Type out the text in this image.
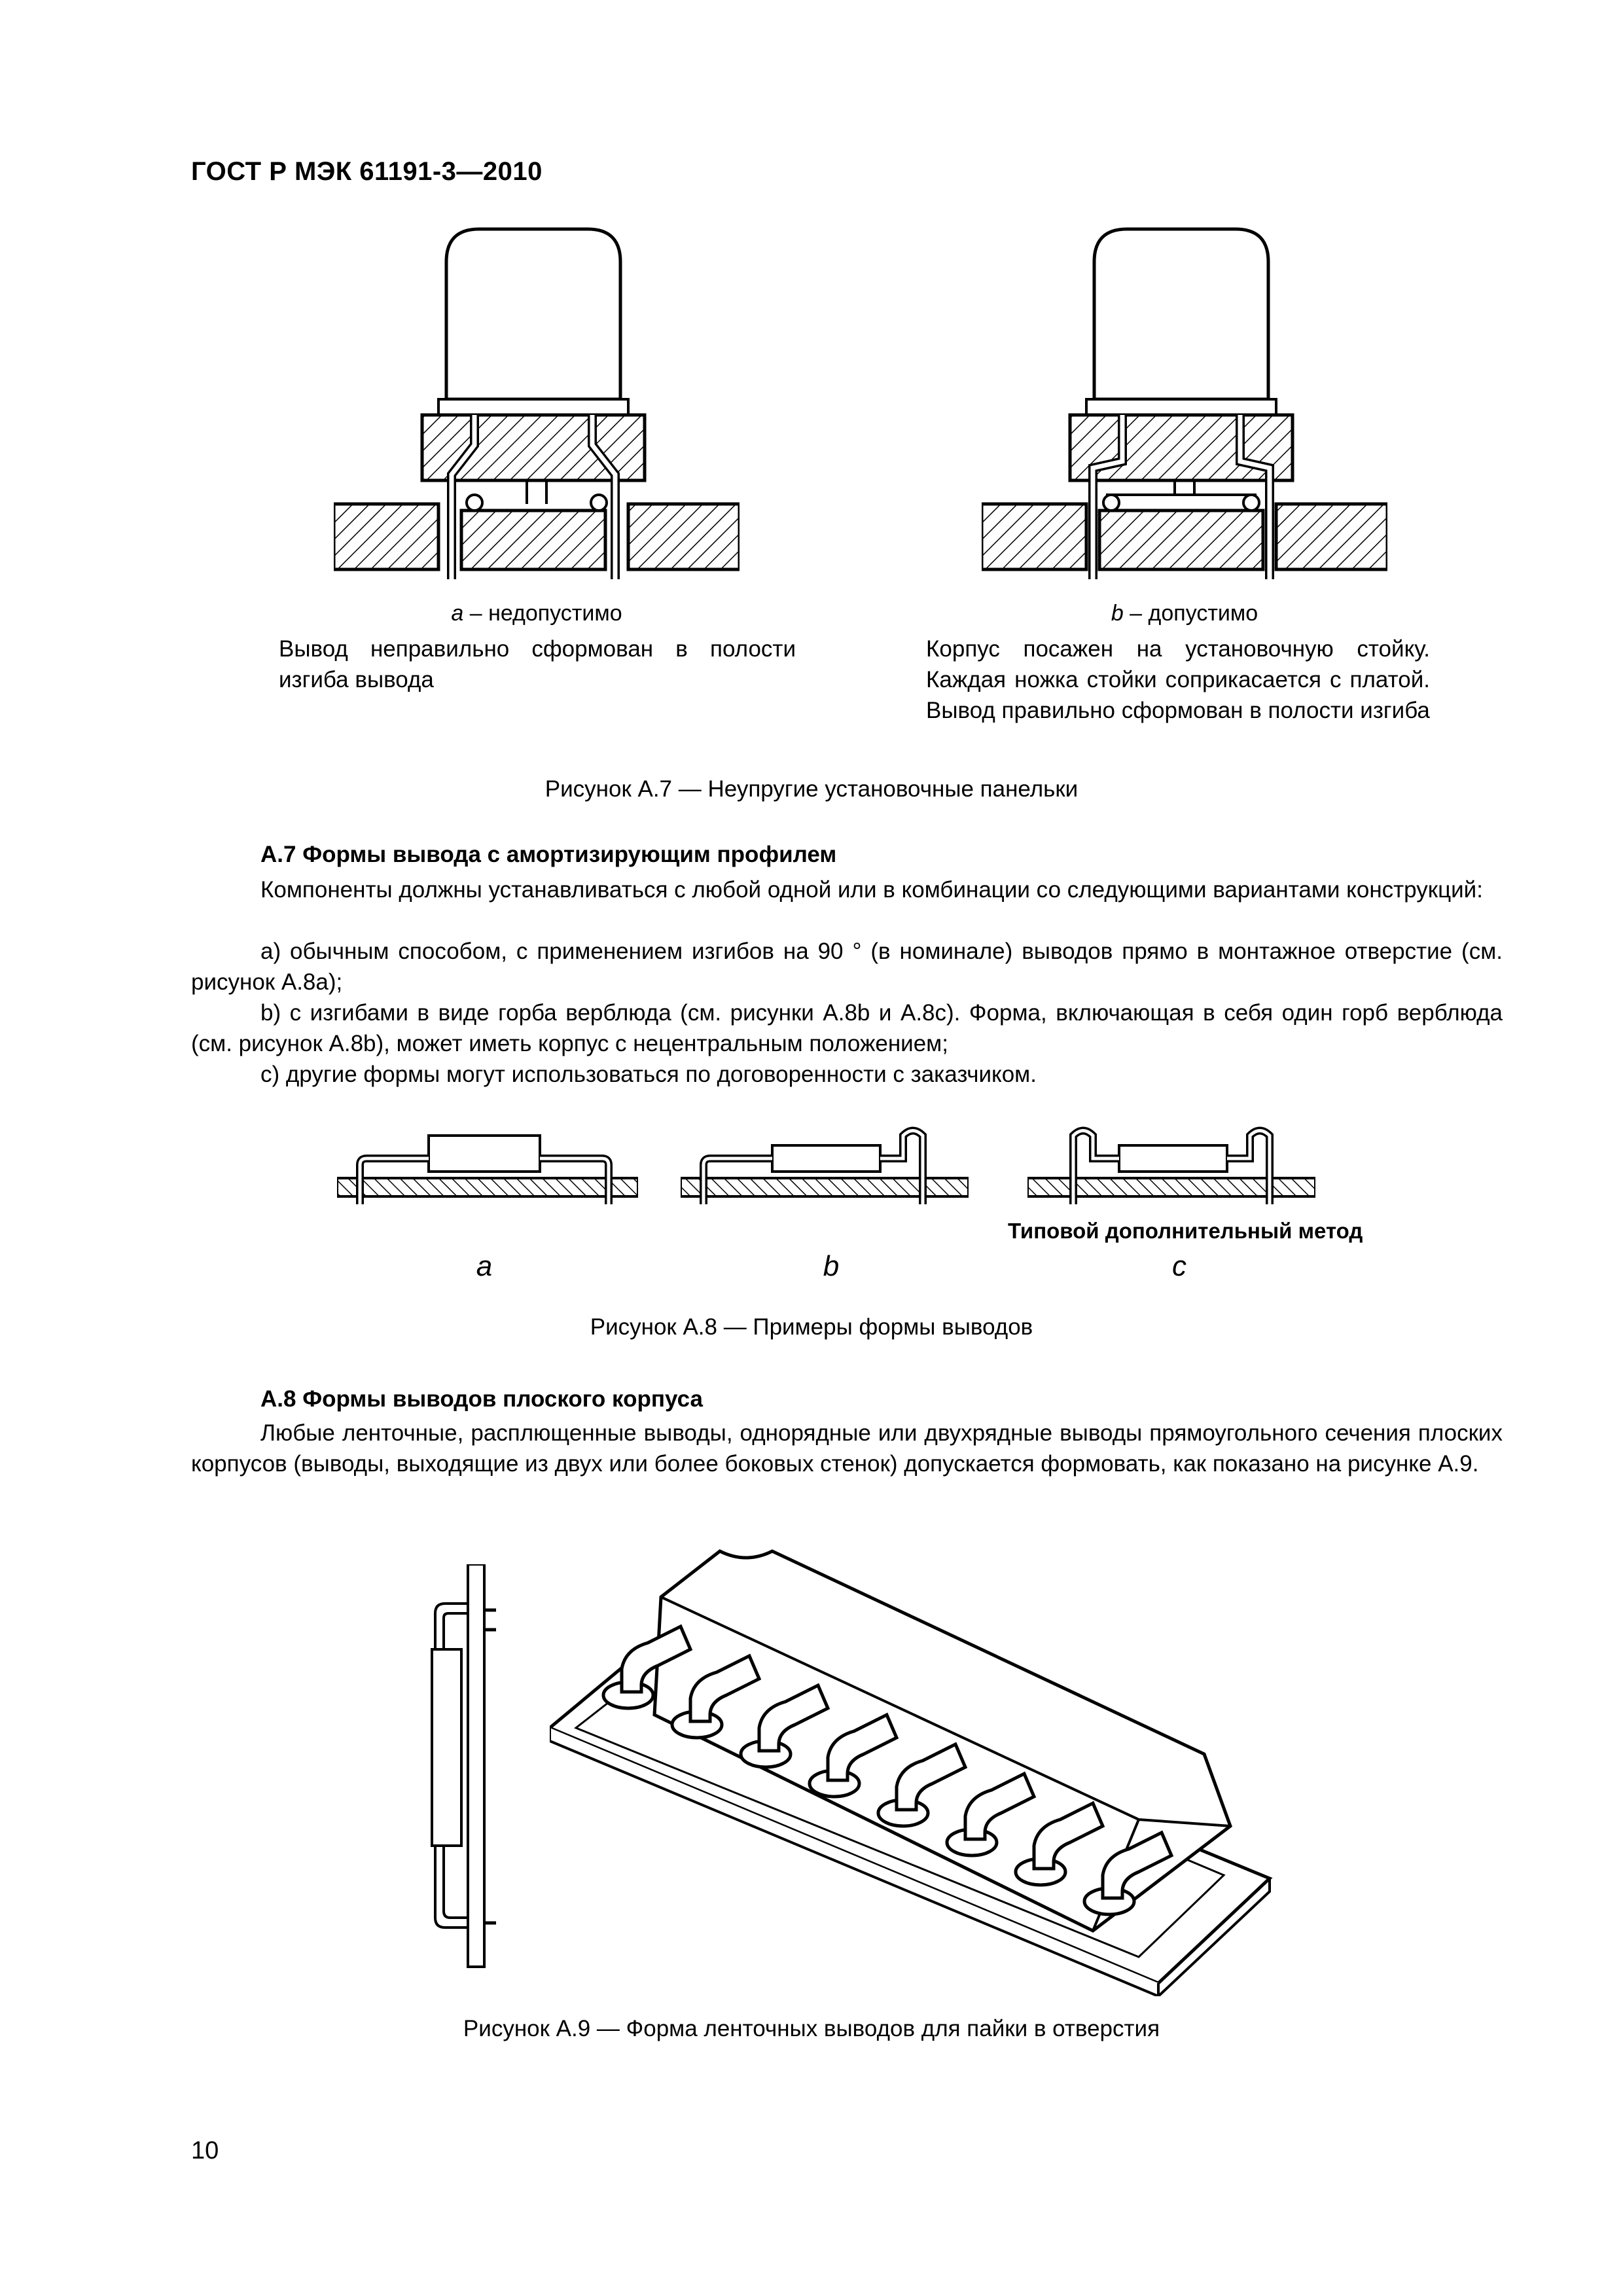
ГОСТ Р МЭК 61191-3—2010
a – недопустимо
Вывод неправильно сформован в полости изгиба вывода
b – допустимо
Корпус посажен на установочную стойку. Каждая ножка стойки соприкасается с платой. Вывод правильно сформован в полости изгиба
Рисунок А.7 — Неупругие установочные панельки
А.7 Формы вывода с амортизирующим профилем
Компоненты должны устанавливаться с любой одной или в комбинации со следующими вариантами конструкций:
a) обычным способом, с применением изгибов на 90 ° (в номинале) выводов прямо в монтажное отверстие (см. рисунок А.8а);
b) с изгибами в виде горба верблюда (см. рисунки А.8b и А.8c). Форма, включающая в себя один горб верблюда (см. рисунок А.8b), может иметь корпус с нецентральным положением;
c) другие формы могут использоваться по договоренности с заказчиком.
Типовой дополнительный метод
a	b	c
Рисунок А.8 — Примеры формы выводов
А.8 Формы выводов плоского корпуса
Любые ленточные, расплющенные выводы, однорядные или двухрядные выводы прямоугольного сечения плоских корпусов (выводы, выходящие из двух или более боковых стенок) допускается формовать, как показано на рисунке А.9.
Рисунок А.9 — Форма ленточных выводов для пайки в отверстия
10
